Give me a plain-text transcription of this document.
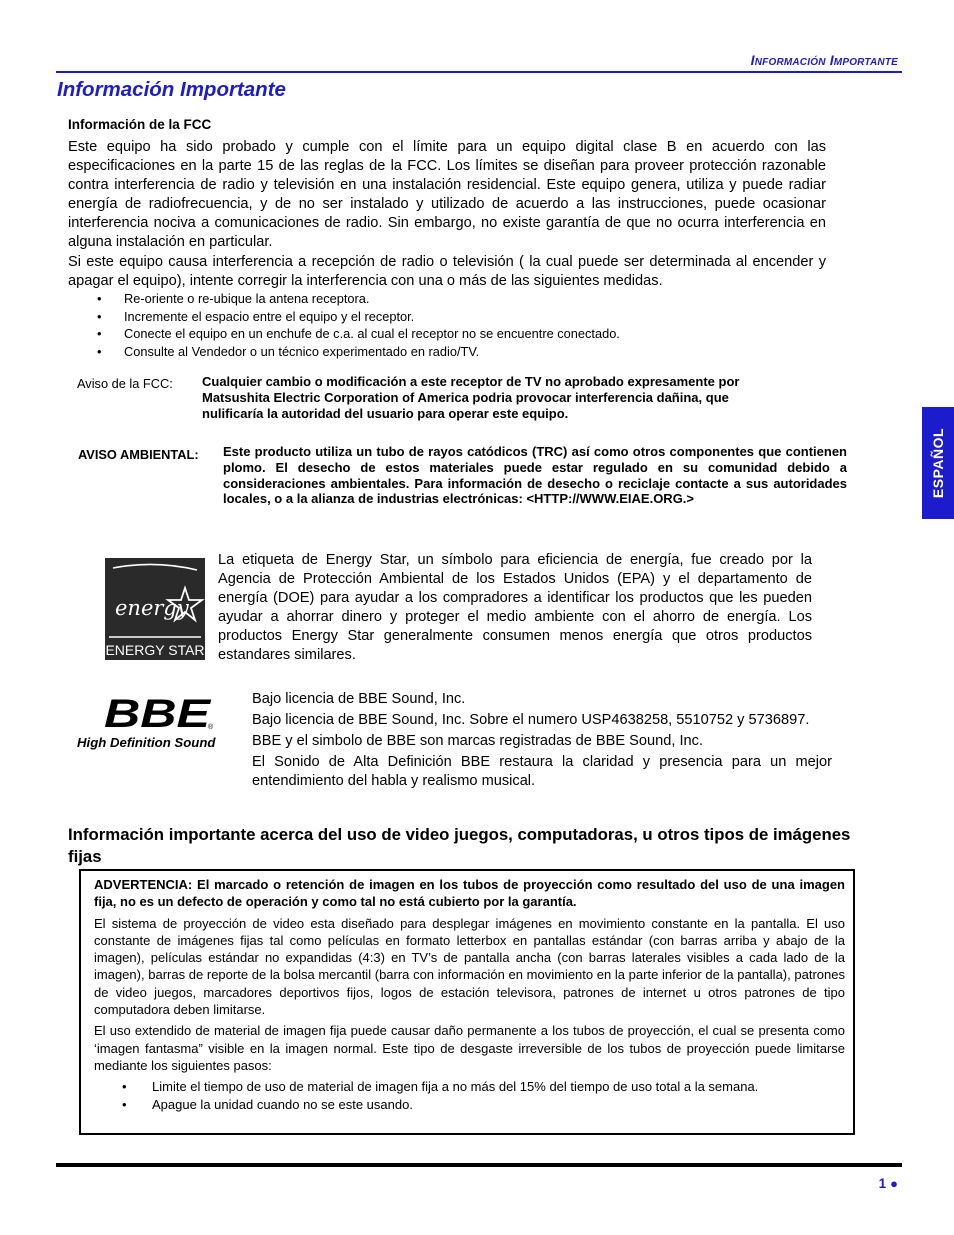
Información Importante
Información Importante
Información de la FCC
Este equipo ha sido probado y cumple con el límite para un equipo digital clase B en acuerdo con las especificaciones en la parte 15 de las reglas de la FCC. Los límites se diseñan para proveer protección razonable contra interferencia de radio y televisión en una instalación residencial. Este equipo genera, utiliza y puede radiar energía de radiofrecuencia, y de no ser instalado y utilizado de acuerdo a las instrucciones, puede ocasionar interferencia nociva a comunicaciones de radio. Sin embargo, no existe garantía de que no ocurra interferencia en alguna instalación en particular.
Si este equipo causa interferencia a recepción de radio o televisión ( la cual puede ser determinada al encender y apagar el equipo), intente corregir la interferencia con una o más de las siguientes medidas.
• Re-oriente o re-ubique la antena receptora.
• Incremente el espacio entre el equipo y el receptor.
• Conecte el equipo en un enchufe de c.a. al cual el receptor no se encuentre conectado.
• Consulte al Vendedor o un técnico experimentado en radio/TV.
Aviso de la FCC: Cualquier cambio o modificación a este receptor de TV no aprobado expresamente por Matsushita Electric Corporation of America podria provocar interferencia dañina, que nulificaría la autoridad del usuario para operar este equipo.
AVISO AMBIENTAL: Este producto utiliza un tubo de rayos catódicos (TRC) así como otros componentes que contienen plomo. El desecho de estos materiales puede estar regulado en su comunidad debido a consideraciones ambientales. Para información de desecho o reciclaje contacte a sus autoridades locales, o a la alianza de industrias electrónicas: <HTTP://WWW.EIAE.ORG.>
energy
ENERGY STAR
La etiqueta de Energy Star, un símbolo para eficiencia de energía, fue creado por la Agencia de Protección Ambiental de los Estados Unidos (EPA) y el departamento de energía (DOE) para ayudar a los compradores a identificar los productos que les pueden ayudar a ahorrar dinero y proteger el medio ambiente con el ahorro de energía. Los productos Energy Star generalmente consumen menos energía que otros productos estandares similares.
BBE
®
High Definition Sound

Bajo licencia de BBE Sound, Inc.

Bajo licencia de BBE Sound, Inc. Sobre el numero USP4638258, 5510752 y 5736897.

BBE y el simbolo de BBE son marcas registradas de BBE Sound, Inc.

El Sonido de Alta Definición BBE restaura la claridad y presencia para un mejor entendimiento del habla y realismo musical.

Información importante acerca del uso de video juegos, computadoras, u otros tipos de imágenes fijas

ADVERTENCIA: El marcado o retención de imagen en los tubos de proyección como resultado del uso de una imagen fija, no es un defecto de operación y como tal no está cubierto por la garantía.

El sistema de proyección de video esta diseñado para desplegar imágenes en movimiento constante en la pantalla. El uso constante de imágenes fijas tal como películas en formato letterbox en pantallas estándar (con barras arriba y abajo de la imagen), películas estándar no expandidas (4:3) en TV’s de pantalla ancha (con barras laterales visibles a cada lado de la imagen), barras de reporte de la bolsa mercantil (barra con información en movimiento en la parte inferior de la pantalla), patrones de video juegos, marcadores deportivos fijos, logos de estación televisora, patrones de internet u otros patrones de tipo computadora deben limitarse.

El uso extendido de material de imagen fija puede causar daño permanente a los tubos de proyección, el cual se presenta como ‘imagen fantasma” visible en la imagen normal. Este tipo de desgaste irreversible de los tubos de proyección puede limitarse mediante los siguientes pasos:

• Limite el tiempo de uso de material de imagen fija a no más del 15% del tiempo de uso total a la semana.
• Apague la unidad cuando no se este usando.
ESPAÑOL
1 ●
